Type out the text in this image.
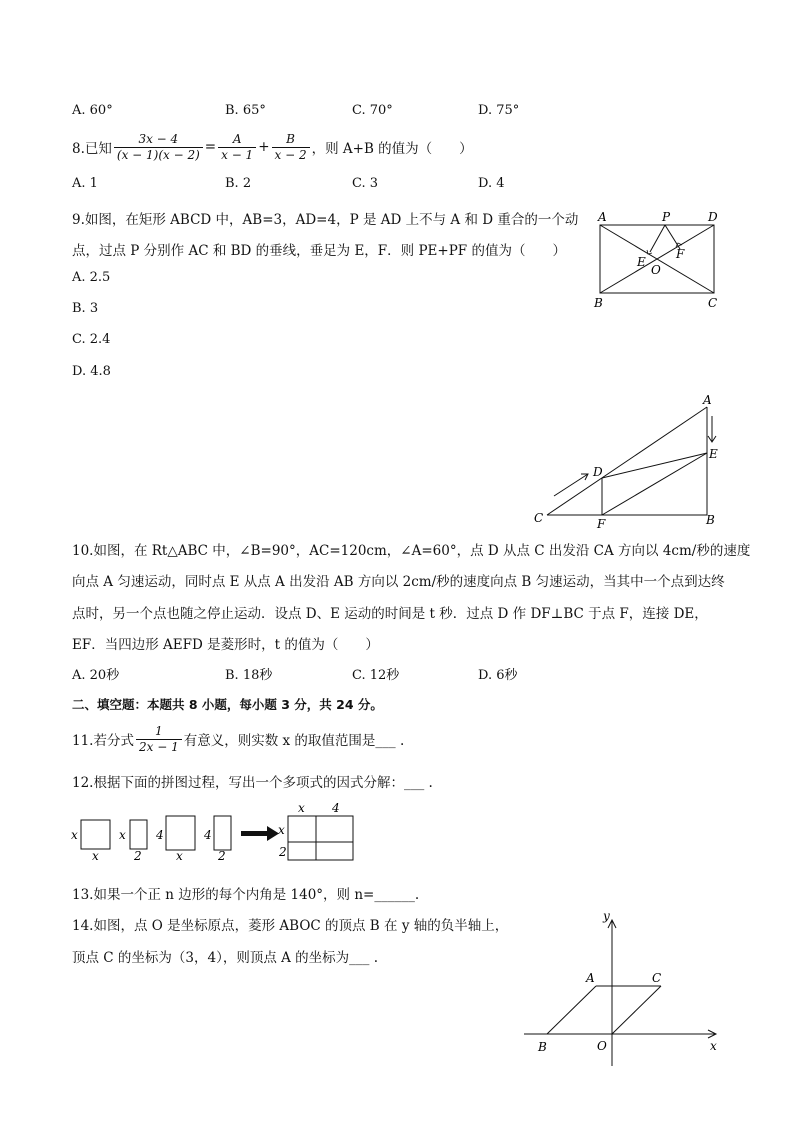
A. 60°	B. 65°	C. 70°	D. 75°
8.已知 $\frac{3x - 4}{(x - 1)(x - 2)} = \frac{A}{x - 1} + \frac{B}{x - 2}$ ，则 A+B 的值为（　　）
A. 1	B. 2	C. 3	D. 4
9.如图，在矩形 ABCD 中，AB=3，AD=4，P 是 AD 上不与 A 和 D 重合的一个动
点，过点 P 分别作 AC 和 BD 的垂线，垂足为 E，F．则 PE+PF 的值为（　　）
A. 2.5
B. 3
C. 2.4
D. 4.8
A	P	D
E
O
F
B	C
A
E
D
C	F	B
10.如图，在 Rt△ABC 中，∠B=90°，AC=120cm，∠A=60°，点 D 从点 C 出发沿 CA 方向以 4cm/秒的速度
向点 A 匀速运动，同时点 E 从点 A 出发沿 AB 方向以 2cm/秒的速度向点 B 匀速运动，当其中一个点到达终
点时，另一个点也随之停止运动．设点 D、E 运动的时间是 t 秒．过点 D 作 DF⊥BC 于点 F，连接 DE，
EF．当四边形 AEFD 是菱形时，t 的值为（　　）
A. 20秒	B. 18秒	C. 12秒	D. 6秒
二、填空题：本题共 8 小题，每小题 3 分，共 24 分。
11.若分式 $\frac{1}{2x - 1}$ 有意义，则实数 x 的取值范围是___ .
12.根据下面的拼图过程，写出一个多项式的因式分解：___ .
x
x
x
2
4
x
4
2
x 4
x
2
13.如果一个正 n 边形的每个内角是 140°，则 n=______.
14.如图，点 O 是坐标原点，菱形 ABOC 的顶点 B 在 y 轴的负半轴上，
顶点 C 的坐标为（3，4），则顶点 A 的坐标为___ .
y
x
A	C
B	O
